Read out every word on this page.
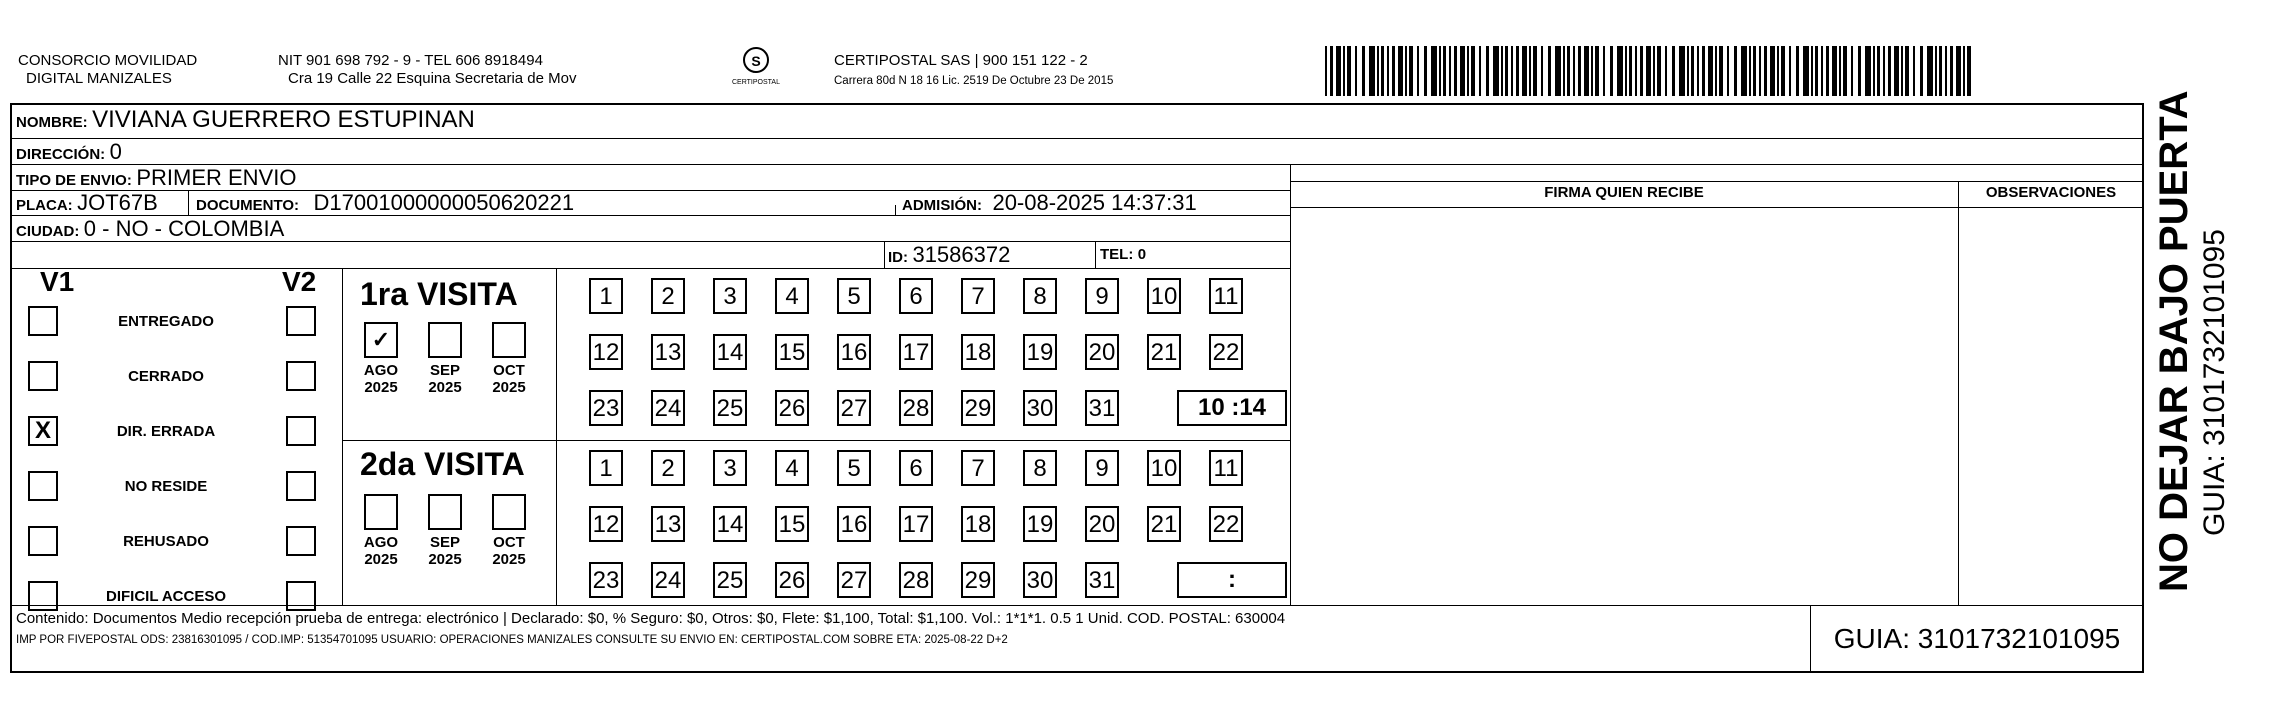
CONSORCIO MOVILIDAD
DIGITAL MANIZALES
NIT 901 698 792 - 9 - TEL 606 8918494
Cra 19 Calle 22 Esquina Secretaria de Mov
S
CERTIPOSTAL
CERTIPOSTAL SAS | 900 151 122 - 2
Carrera 80d N 18 16 Lic. 2519 De Octubre 23 De 2015
NOMBRE: VIVIANA GUERRERO ESTUPINAN
DIRECCIÓN: 0
TIPO DE ENVIO: PRIMER ENVIO
PLACA: JOT67B	DOCUMENTO: D17001000000050620221	ADMISIÓN: 20-08-2025 14:37:31
CIUDAD: 0 - NO - COLOMBIA
ID: 31586372	TEL: 0
FIRMA QUIEN RECIBE	OBSERVACIONES
V1	V2
ENTREGADO
CERRADO
X	DIR. ERRADA
NO RESIDE
REHUSADO
DIFICIL ACCESO
1ra VISITA
2da VISITA
✓
AGO
2025
SEP
2025
OCT
2025
1	2	3	4	5	6	7	8	9	10 11
12 13 14 15 16 17 18 19 20 21 22
23 24 25 26 27 28 29 30 31	10 :14
AGO
2025
SEP
2025
OCT
2025
1	2	3	4	5	6	7	8	9	10 11
12 13 14 15 16 17 18 19 20 21 22
23 24 25 26 27 28 29 30 31	:
Contenido: Documentos Medio recepción prueba de entrega: electrónico | Declarado: $0, % Seguro: $0, Otros: $0, Flete: $1,100, Total: $1,100. Vol.: 1*1*1. 0.5 1 Unid. COD. POSTAL: 630004
IMP POR FIVEPOSTAL ODS: 23816301095 / COD.IMP: 51354701095 USUARIO: OPERACIONES MANIZALES CONSULTE SU ENVIO EN: CERTIPOSTAL.COM SOBRE ETA: 2025-08-22 D+2	GUIA: 3101732101095
NO DEJAR BAJO PUERTA GUIA: 3101732101095
